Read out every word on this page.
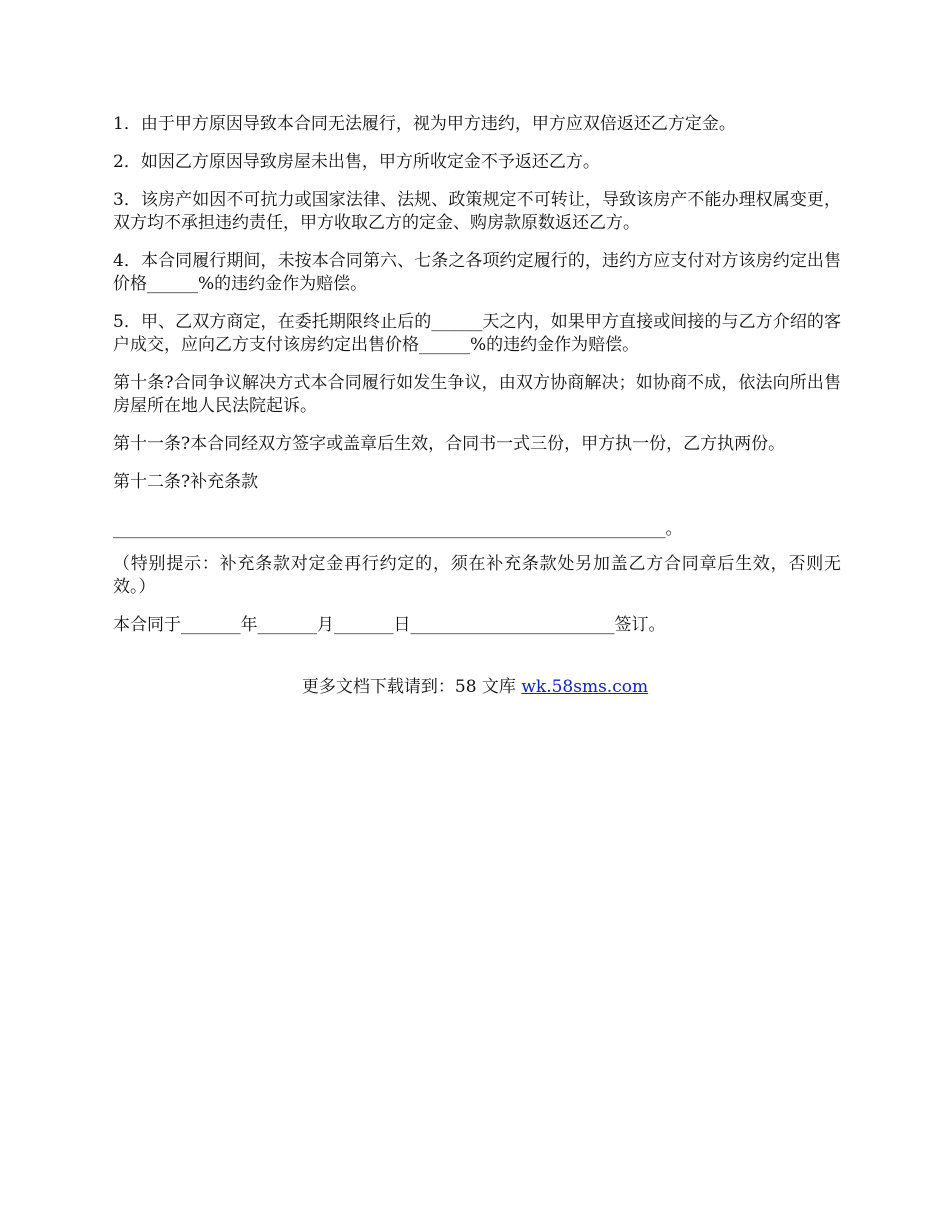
1．由于甲方原因导致本合同无法履行，视为甲方违约，甲方应双倍返还乙方定金。

2．如因乙方原因导致房屋未出售，甲方所收定金不予返还乙方。

3．该房产如因不可抗力或国家法律、法规、政策规定不可转让，导致该房产不能办理权属变更，双方均不承担违约责任，甲方收取乙方的定金、购房款原数返还乙方。

4．本合同履行期间，未按本合同第六、七条之各项约定履行的，违约方应支付对方该房约定出售价格______%的违约金作为赔偿。

5．甲、乙双方商定，在委托期限终止后的______天之内，如果甲方直接或间接的与乙方介绍的客户成交，应向乙方支付该房约定出售价格______%的违约金作为赔偿。

第十条?合同争议解决方式本合同履行如发生争议，由双方协商解决；如协商不成，依法向所出售房屋所在地人民法院起诉。

第十一条?本合同经双方签字或盖章后生效，合同书一式三份，甲方执一份，乙方执两份。

第十二条?补充条款

_________________________________________________________________。

（特别提示：补充条款对定金再行约定的，须在补充条款处另加盖乙方合同章后生效，否则无效。）

本合同于_______年_______月_______日________________________签订。

更多文档下载请到：58 文库 wk.58sms.com
